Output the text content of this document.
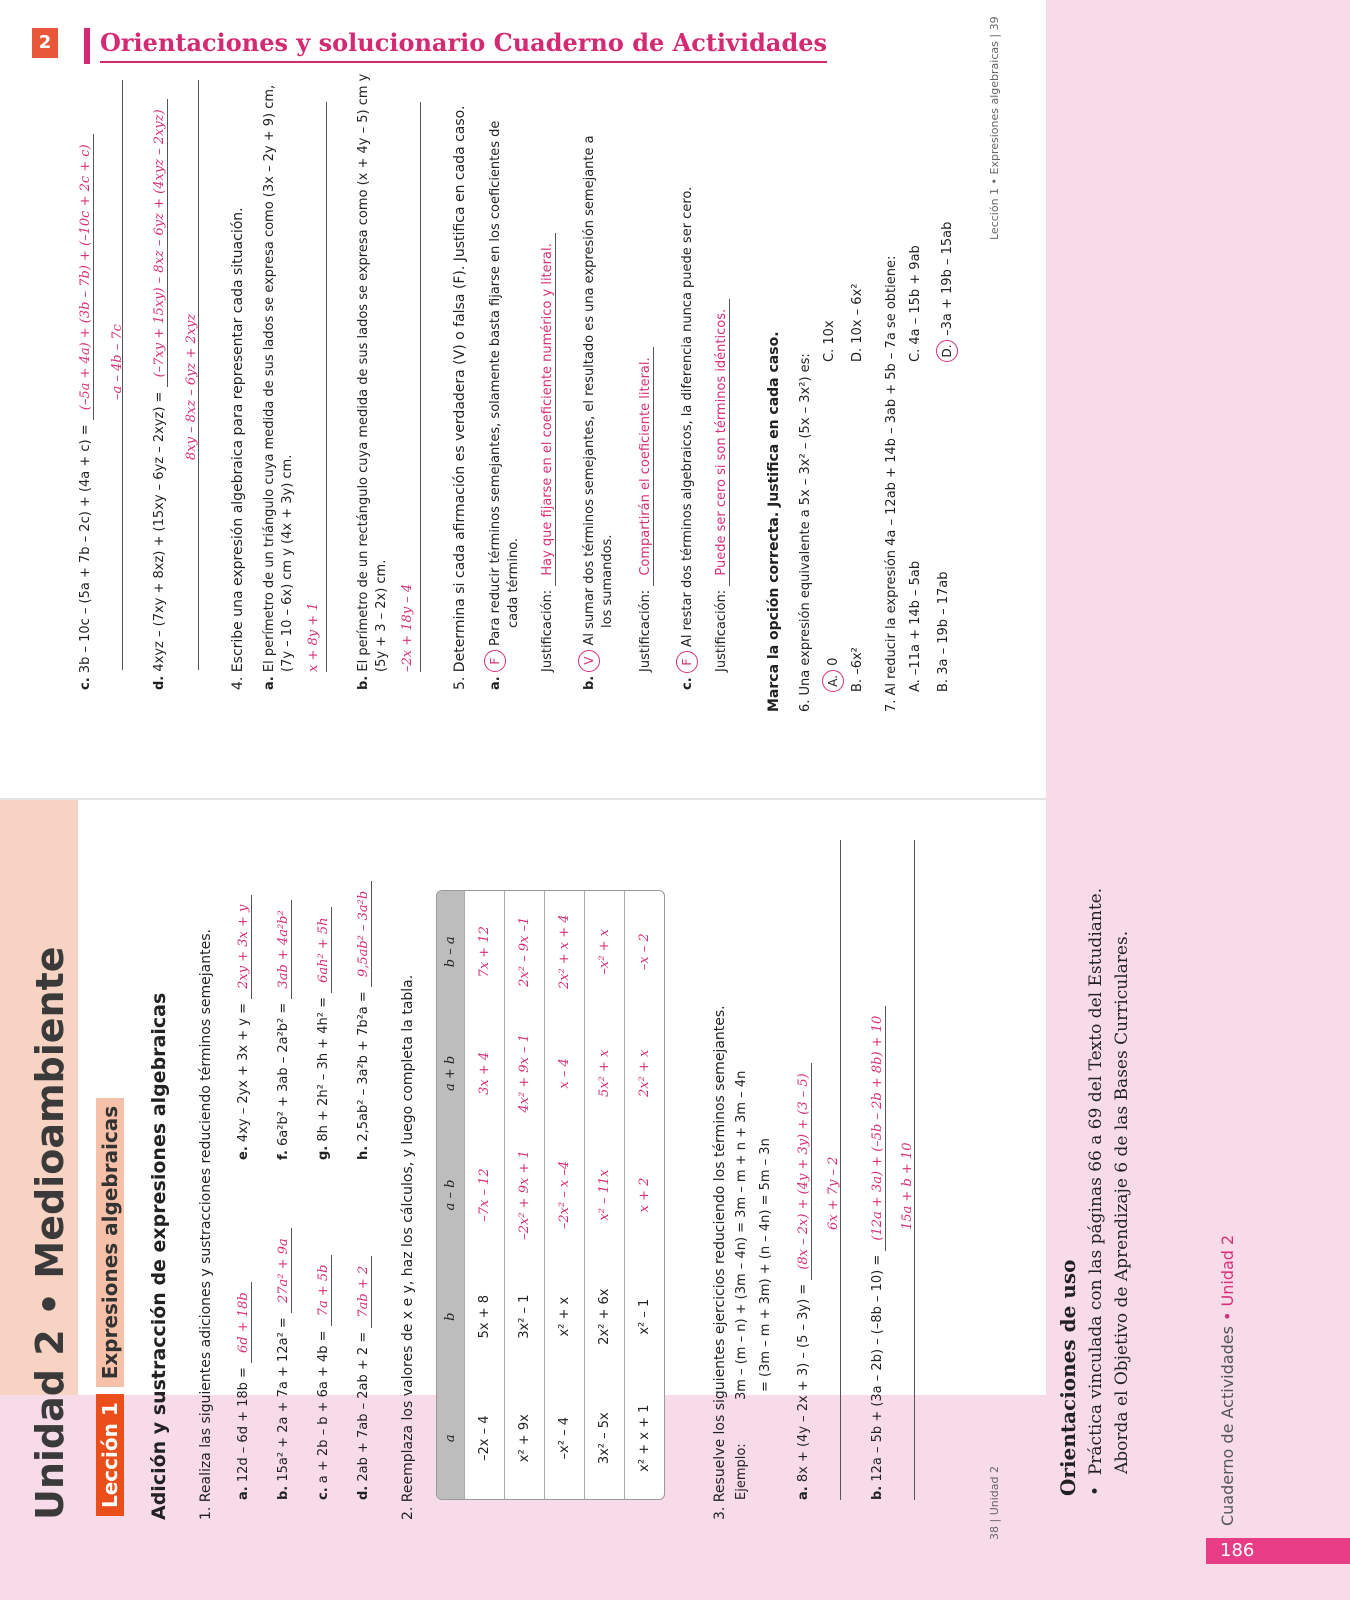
Unidad 2 • Medioambiente Lección 1 Expresiones algebraicas Adición y sustracción de expresiones algebraicas 1. Realiza las siguientes adiciones y sustracciones reduciendo términos semejantes. a. 12d – 6d + 18b = 6d + 18b
b. 15a² + 2a + 7a + 12a² = 27a² + 9a
c. a + 2b – b + 6a + 4b = 7a + 5b
d. 2ab + 7ab – 2ab + 2 = 7ab + 2
e. 4xy – 2yx + 3x + y = 2xy + 3x + y
f. 6a²b² + 3ab – 2a²b² = 3ab + 4a²b²
g. 8h + 2h² – 3h + 4h² = 6ah² + 5h
h. 2,5ab² – 3a²b + 7b²a = 9,5ab² – 3a²b
2. Reemplaza los valores de x e y, haz los cálculos, y luego completa la tabla. a	b	a – b	a + b	b – a
–2x – 4	5x + 8	–7x – 12	3x + 4	7x + 12
x² + 9x	3x² – 1	–2x² + 9x + 1	4x² + 9x – 1	2x² – 9x –1
–x² – 4	x² + x	–2x² – x –4	x – 4	2x² + x + 4
3x² – 5x	2x² + 6x	x² – 11x	5x² + x	–x² + x
x² + x + 1	x² – 1	x + 2	2x² + x	–x – 2
3. Resuelve los siguientes ejercicios reduciendo los términos semejantes. Ejemplo:
3m – (m – n) + (3m – 4n) = 3m – m + n + 3m – 4n = (3m – m + 3m) + (n – 4n) = 5m – 3n
a. 8x + (4y – 2x + 3) – (5 – 3y) = (8x – 2x) + (4y + 3y) + (3 – 5) 6x + 7y – 2
b. 12a – 5b + (3a – 2b) – (–8b – 10) = (12a + 3a) + (–5b – 2b + 8b) + 10 15a + b + 10
38 | Unidad 2
2 Orientaciones y solucionario Cuaderno de Actividades
c. 3b – 10c – (5a + 7b – 2c) + (4a + c) = (–5a + 4a) + (3b – 7b) + (–10c + 2c + c) –a – 4b – 7c
d. 4xyz – (7xy + 8xz) + (15xy – 6yz – 2xyz) = (–7xy + 15xy) – 8xz – 6yz + (4xyz – 2xyz)
8xy – 8xz – 6yz + 2xyz 4. Escribe una expresión algebraica para representar cada situación. a. El perímetro de un triángulo cuya medida de sus lados se expresa como (3x – 2y + 9) cm, (7y – 10 – 6x) cm y (4x + 3y) cm. x + 8y + 1
b. El perímetro de un rectángulo cuya medida de sus lados se expresa como (x + 4y – 5) cm y (5y + 3 – 2x) cm. –2x + 18y – 4	5. Determina si cada afirmación es verdadera (V) o falsa (F). Justifica en cada caso.	a. F Para reducir términos semejantes, solamente basta fijarse en los coeficientes de cada término.
Justificación: Hay que fijarse en el coeficiente numérico y literal.
b. V Al sumar dos términos semejantes, el resultado es una expresión semejante a los sumandos.
Justificación: Compartirán el coeficiente literal.
c. F Al restar dos términos algebraicos, la diferencia nunca puede ser cero. Justificación: Puede ser cero si son términos idénticos.	Marca la opción correcta. Justifica en cada caso. 6. Una expresión equivalente a 5x – 3x² – (5x – 3x²) es:	A. 0
B. –6x²
C. 10x
D. 10x – 6x² 7. Al reducir la expresión 4a – 12ab + 14b – 3ab + 5b – 7a se obtiene: A. –11a + 14b – 5ab
B. 3a – 19b – 17ab
C. 4a – 15b + 9ab
D. –3a + 19b – 15ab
Lección 1 • Expresiones algebraicas | 39
Orientaciones de uso •  Práctica vinculada con las páginas 66 a 69 del Texto del Estudiante. Aborda el Objetivo de Aprendizaje 6 de las Bases Curriculares.	Cuaderno de Actividades • Unidad 2
186
